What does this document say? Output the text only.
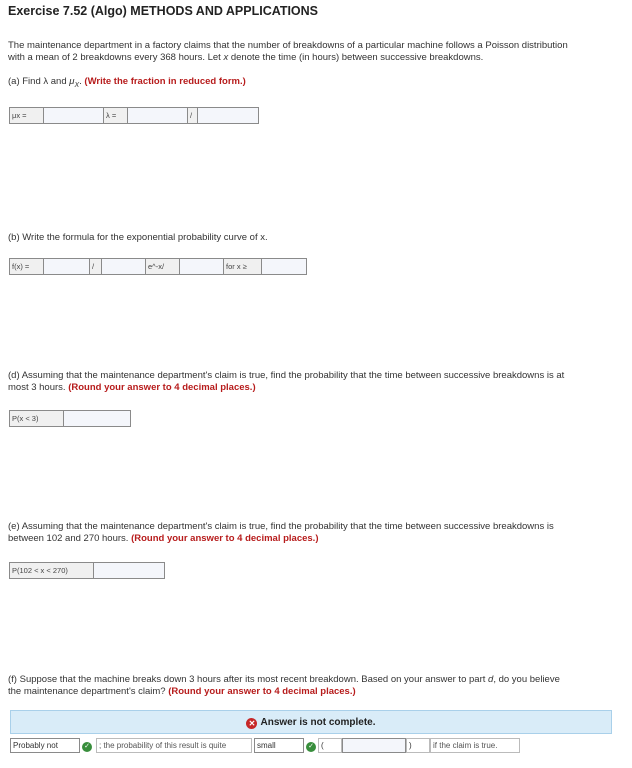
Exercise 7.52 (Algo) METHODS AND APPLICATIONS
The maintenance department in a factory claims that the number of breakdowns of a particular machine follows a Poisson distribution
with a mean of 2 breakdowns every 368 hours. Let x denote the time (in hours) between successive breakdowns.
(a) Find λ and $\mu_X$. (Write the fraction in reduced form.)
μx =	λ =	/
(b) Write the formula for the exponential probability curve of x.
f(x) =	/	e^-x/	for x ≥
(d) Assuming that the maintenance department's claim is true, find the probability that the time between successive breakdowns is at
most 3 hours. (Round your answer to 4 decimal places.)
P(x < 3)
(e) Assuming that the maintenance department's claim is true, find the probability that the time between successive breakdowns is
between 102 and 270 hours. (Round your answer to 4 decimal places.)
P(102 < x < 270)
(f) Suppose that the machine breaks down 3 hours after its most recent breakdown. Based on your answer to part d, do you believe
the maintenance department's claim? (Round your answer to 4 decimal places.)
✕ Answer is not complete.
Probably not	✓	; the probability of this result is quite	small	✓ (	)	if the claim is true.
